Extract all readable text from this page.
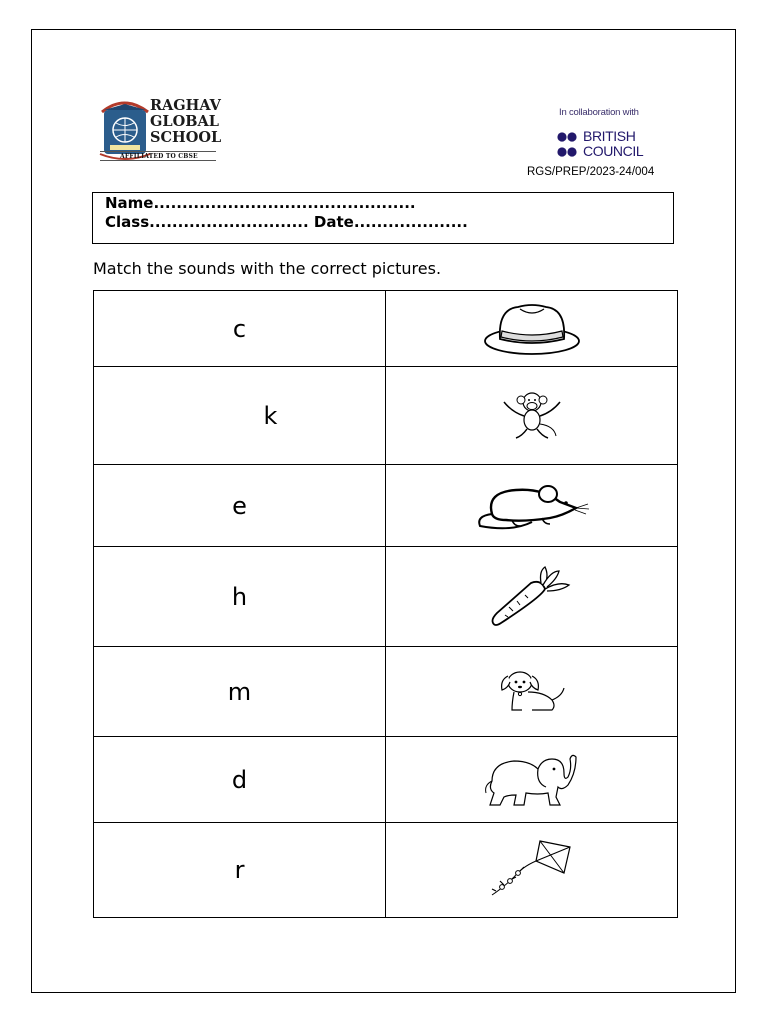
RAGHAV
GLOBAL
SCHOOL
AFFILIATED TO CBSE
In collaboration with
BRITISH
COUNCIL
RGS/PREP/2023-24/004
Name..............................................
Class............................ Date....................
Match the sounds with the correct pictures.
c	

k	

e	

h	

m	

d	

r	
